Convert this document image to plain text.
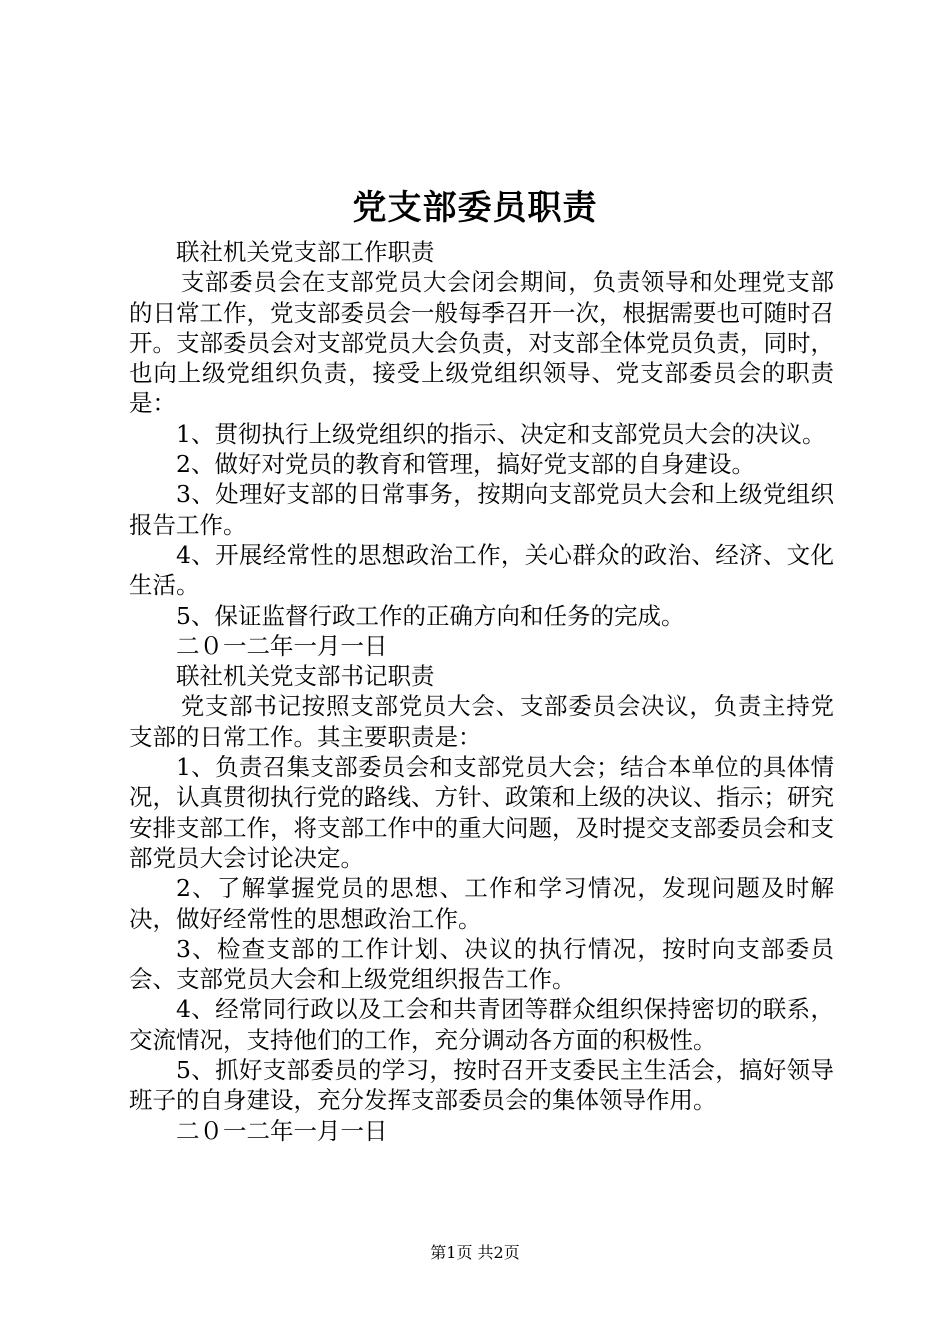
党支部委员职责

联社机关党支部工作职责

支部委员会在支部党员大会闭会期间，负责领导和处理党支部的日常工作，党支部委员会一般每季召开一次，根据需要也可随时召开。支部委员会对支部党员大会负责，对支部全体党员负责，同时，也向上级党组织负责，接受上级党组织领导、党支部委员会的职责是：

1、贯彻执行上级党组织的指示、决定和支部党员大会的决议。

2、做好对党员的教育和管理，搞好党支部的自身建设。

3、处理好支部的日常事务，按期向支部党员大会和上级党组织报告工作。

4、开展经常性的思想政治工作，关心群众的政治、经济、文化生活。

5、保证监督行政工作的正确方向和任务的完成。

二０一二年一月一日

联社机关党支部书记职责

党支部书记按照支部党员大会、支部委员会决议，负责主持党支部的日常工作。其主要职责是：

1、负责召集支部委员会和支部党员大会；结合本单位的具体情况，认真贯彻执行党的路线、方针、政策和上级的决议、指示；研究安排支部工作，将支部工作中的重大问题，及时提交支部委员会和支部党员大会讨论决定。

2、了解掌握党员的思想、工作和学习情况，发现问题及时解决，做好经常性的思想政治工作。

3、检查支部的工作计划、决议的执行情况，按时向支部委员会、支部党员大会和上级党组织报告工作。

4、经常同行政以及工会和共青团等群众组织保持密切的联系，交流情况，支持他们的工作，充分调动各方面的积极性。

5、抓好支部委员的学习，按时召开支委民主生活会，搞好领导班子的自身建设，充分发挥支部委员会的集体领导作用。

二０一二年一月一日

第1页 共2页
